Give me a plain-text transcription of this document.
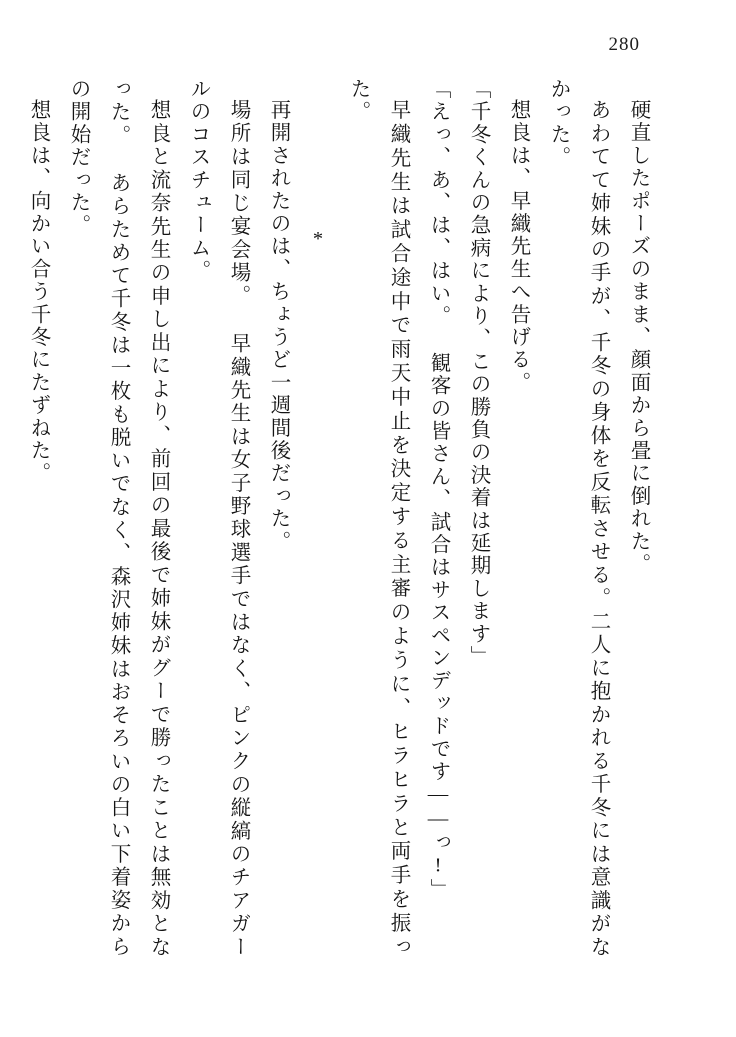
280

硬直したポーズのまま、顔面から畳に倒れた。

あわてて姉妹の手が、千冬の身体を反転させる。二人に抱かれる千冬には意識がなかった。

想良は、早織先生へ告げる。

「千冬くんの急病により、この勝負の決着は延期します」

「えっ、あ、は、はい。 観客の皆さん、試合はサスペンデッドです——っ!」

早織先生は試合途中で雨天中止を決定する主審のように、ヒラヒラと両手を振った。

*

再開されたのは、ちょうど一週間後だった。

場所は同じ宴会場。 早織先生は女子野球選手ではなく、ピンクの縦縞のチアガールのコスチューム。

想良と流奈先生の申し出により、前回の最後で姉妹がグーで勝ったことは無効となった。 あらためて千冬は一枚も脱いでなく、森沢姉妹はおそろいの白い下着姿からの開始だった。

想良は、向かい合う千冬にたずねた。
